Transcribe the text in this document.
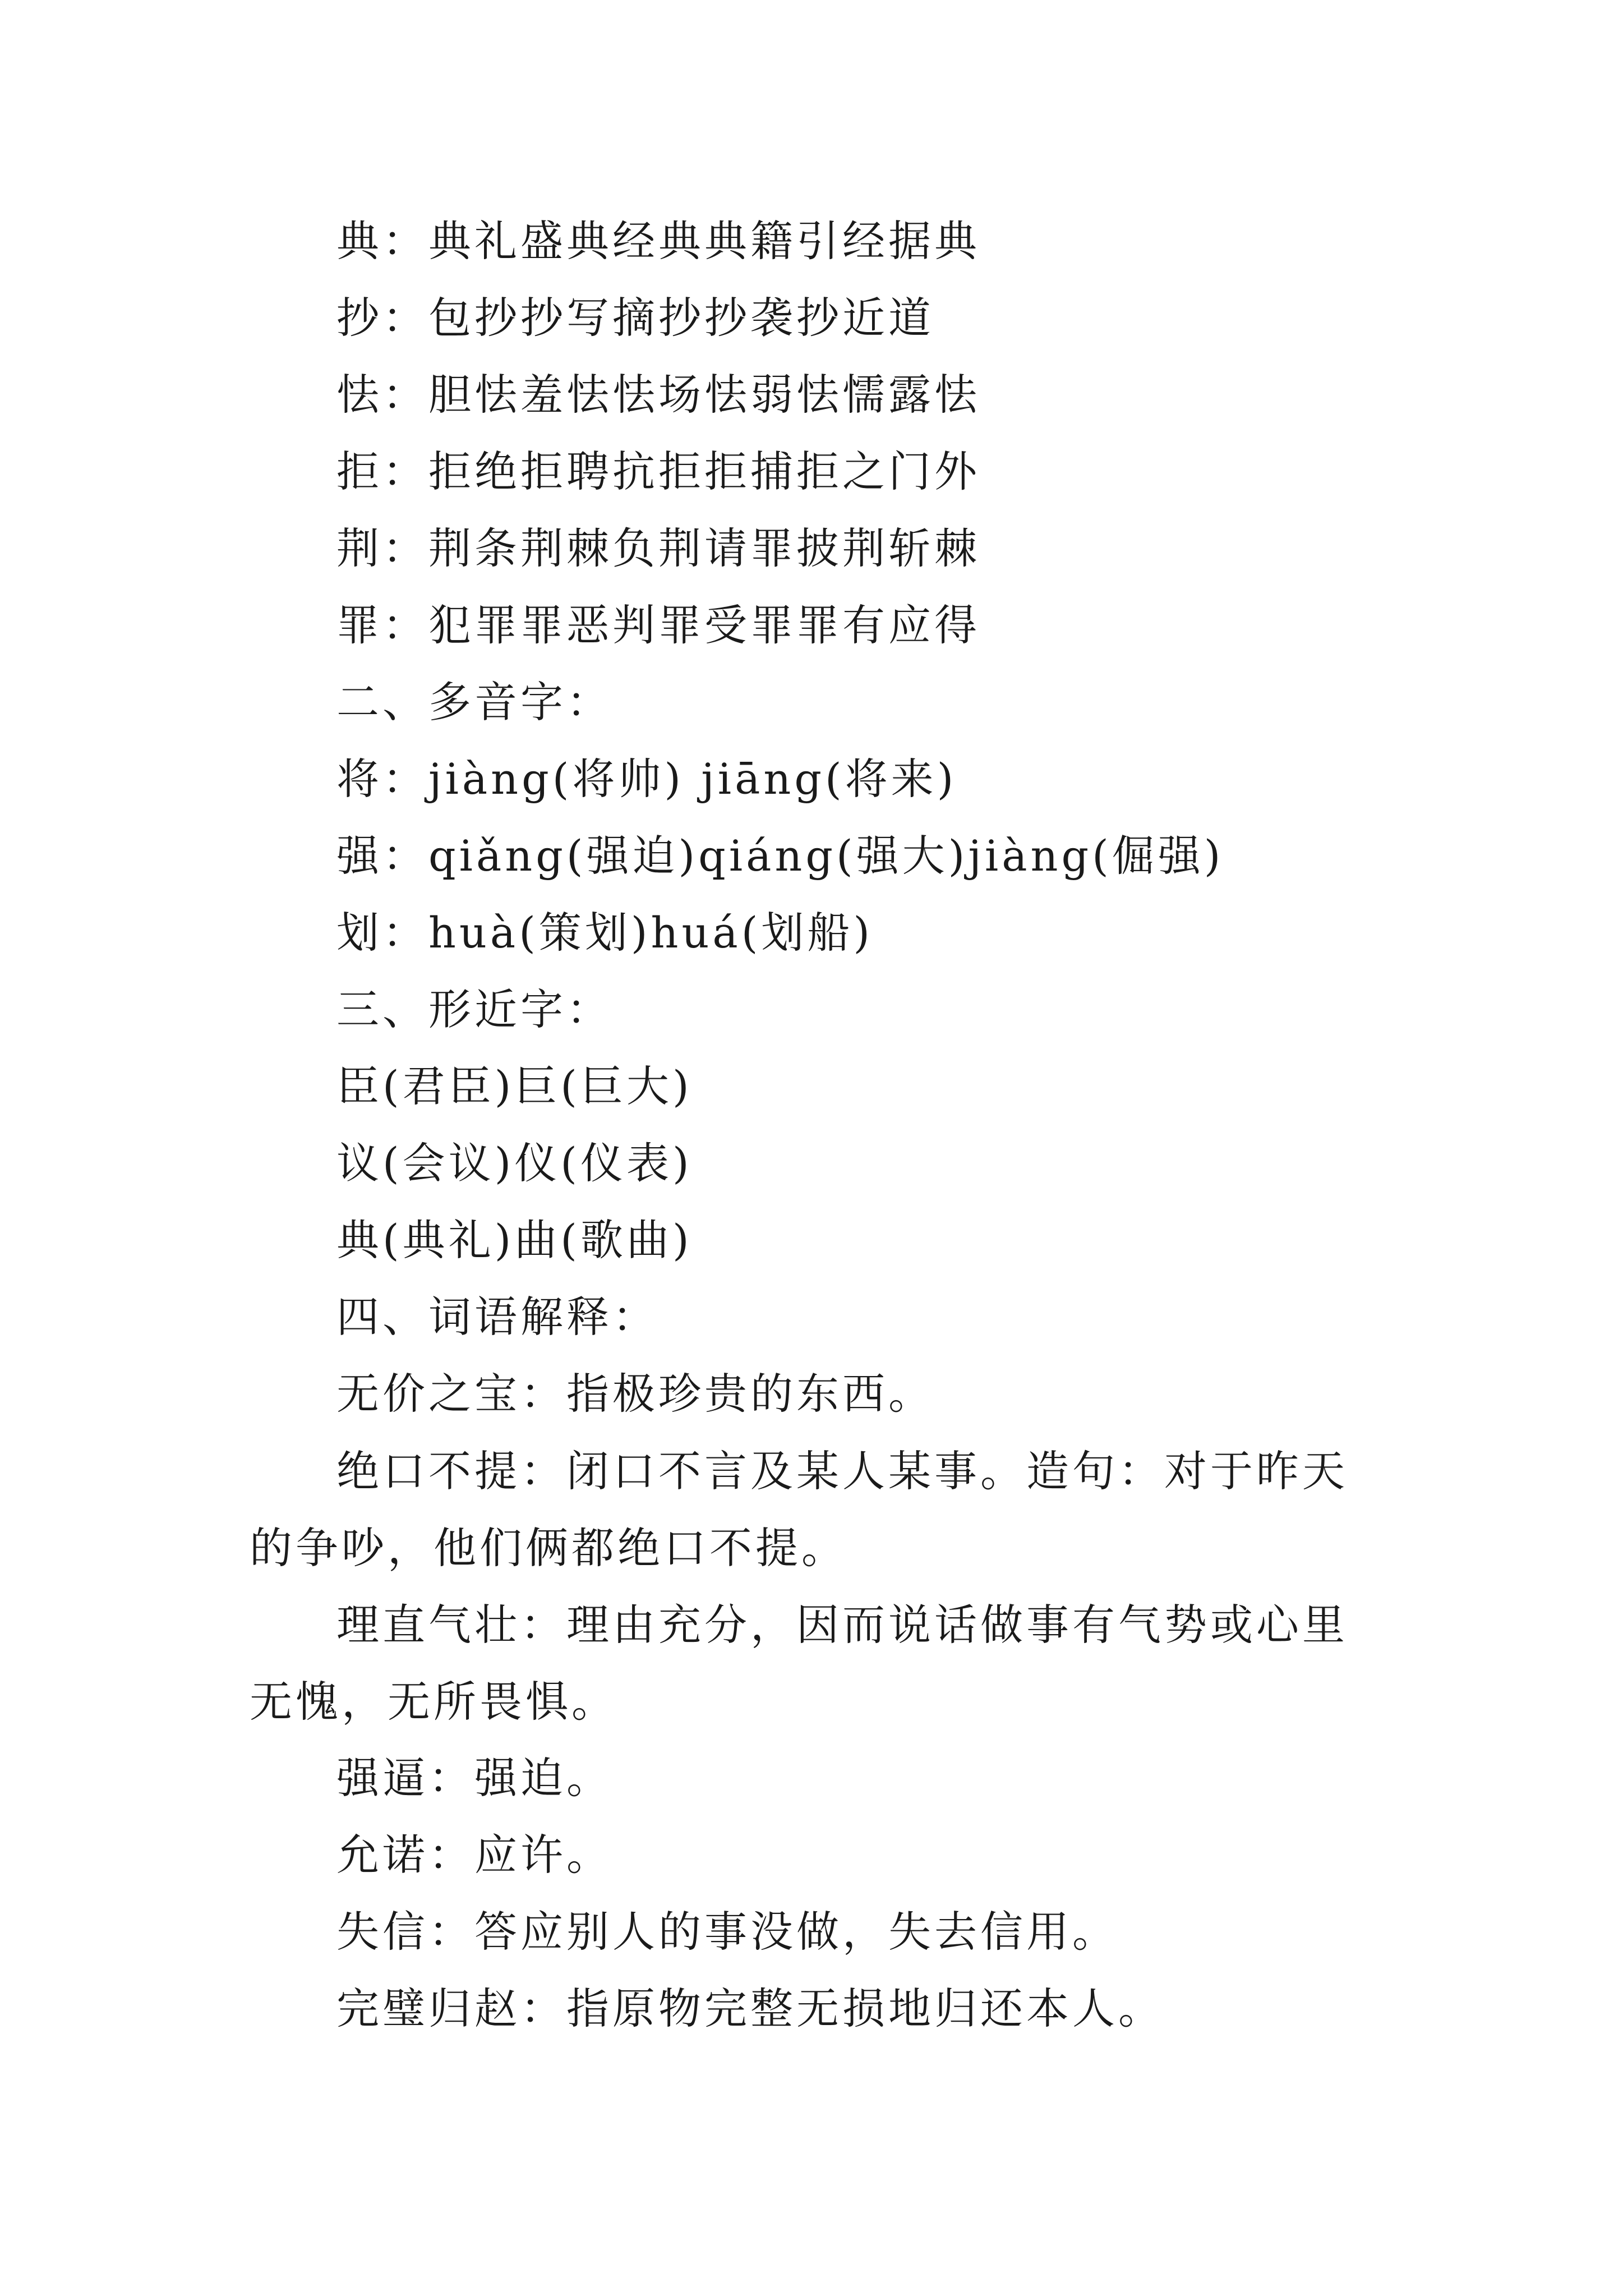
典：典礼盛典经典典籍引经据典
抄：包抄抄写摘抄抄袭抄近道
怯：胆怯羞怯怯场怯弱怯懦露怯
拒：拒绝拒聘抗拒拒捕拒之门外
荆：荆条荆棘负荆请罪披荆斩棘
罪：犯罪罪恶判罪受罪罪有应得
二、多音字：
将：jiàng(将帅) jiāng(将来)
强：qiǎng(强迫)qiáng(强大)jiàng(倔强)
划：huà(策划)huá(划船)
三、形近字：
臣(君臣)巨(巨大)
议(会议)仪(仪表)
典(典礼)曲(歌曲)
四、词语解释：
无价之宝：指极珍贵的东西。
绝口不提：闭口不言及某人某事。造句：对于昨天的争吵，他们俩都绝口不提。
理直气壮：理由充分，因而说话做事有气势或心里无愧，无所畏惧。
强逼：强迫。
允诺：应许。
失信：答应别人的事没做，失去信用。
完璧归赵：指原物完整无损地归还本人。
